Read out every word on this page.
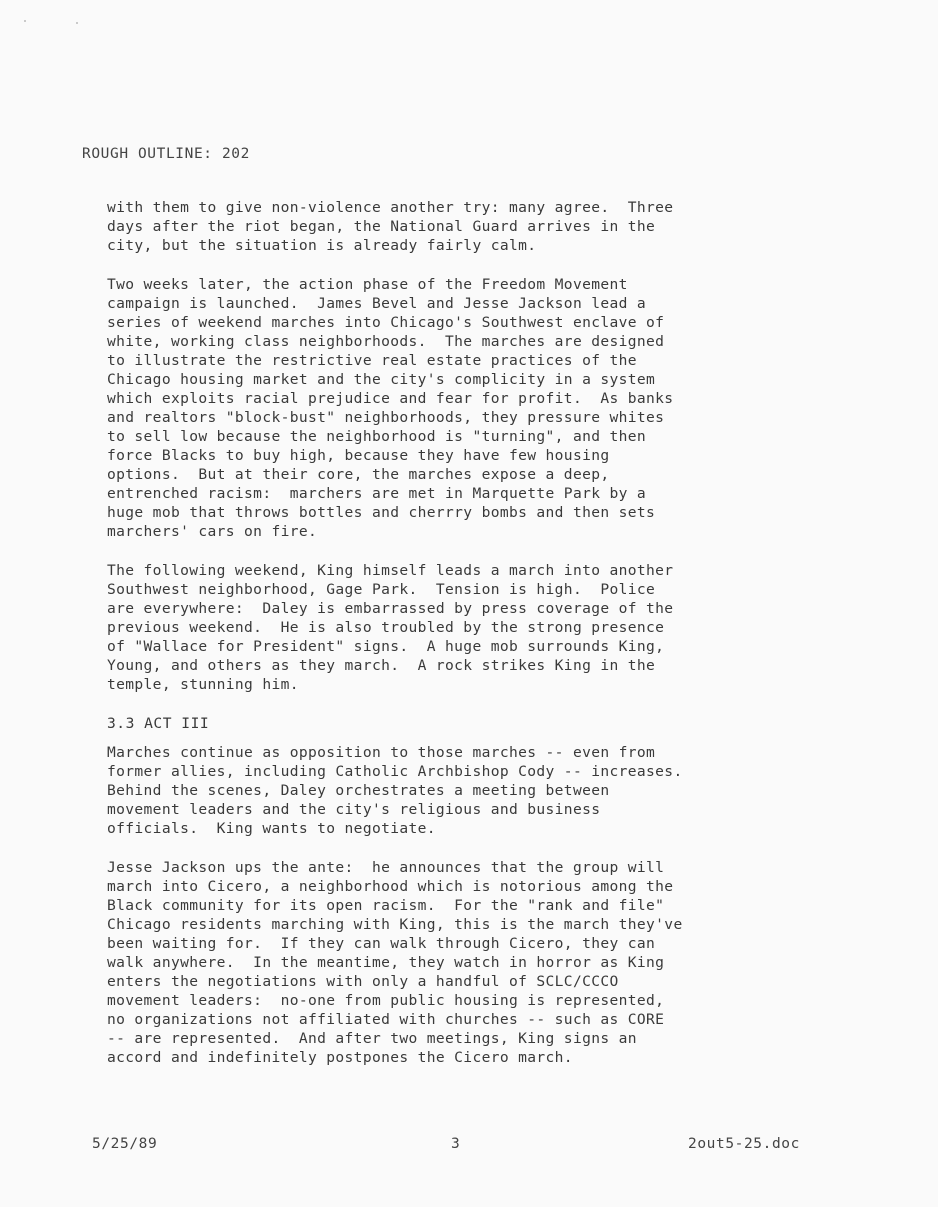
ROUGH OUTLINE: 202
with them to give non-violence another try: many agree.  Three
days after the riot began, the National Guard arrives in the
city, but the situation is already fairly calm.
Two weeks later, the action phase of the Freedom Movement
campaign is launched.  James Bevel and Jesse Jackson lead a
series of weekend marches into Chicago's Southwest enclave of
white, working class neighborhoods.  The marches are designed
to illustrate the restrictive real estate practices of the
Chicago housing market and the city's complicity in a system
which exploits racial prejudice and fear for profit.  As banks
and realtors "block-bust" neighborhoods, they pressure whites
to sell low because the neighborhood is "turning", and then
force Blacks to buy high, because they have few housing
options.  But at their core, the marches expose a deep,
entrenched racism:  marchers are met in Marquette Park by a
huge mob that throws bottles and cherrry bombs and then sets
marchers' cars on fire.
The following weekend, King himself leads a march into another
Southwest neighborhood, Gage Park.  Tension is high.  Police
are everywhere:  Daley is embarrassed by press coverage of the
previous weekend.  He is also troubled by the strong presence
of "Wallace for President" signs.  A huge mob surrounds King,
Young, and others as they march.  A rock strikes King in the
temple, stunning him.
3.3 ACT III
Marches continue as opposition to those marches -- even from
former allies, including Catholic Archbishop Cody -- increases.
Behind the scenes, Daley orchestrates a meeting between
movement leaders and the city's religious and business
officials.  King wants to negotiate.
Jesse Jackson ups the ante:  he announces that the group will
march into Cicero, a neighborhood which is notorious among the
Black community for its open racism.  For the "rank and file"
Chicago residents marching with King, this is the march they've
been waiting for.  If they can walk through Cicero, they can
walk anywhere.  In the meantime, they watch in horror as King
enters the negotiations with only a handful of SCLC/CCCO
movement leaders:  no-one from public housing is represented,
no organizations not affiliated with churches -- such as CORE
-- are represented.  And after two meetings, King signs an
accord and indefinitely postpones the Cicero march.
5/25/89	3	2out5-25.doc
